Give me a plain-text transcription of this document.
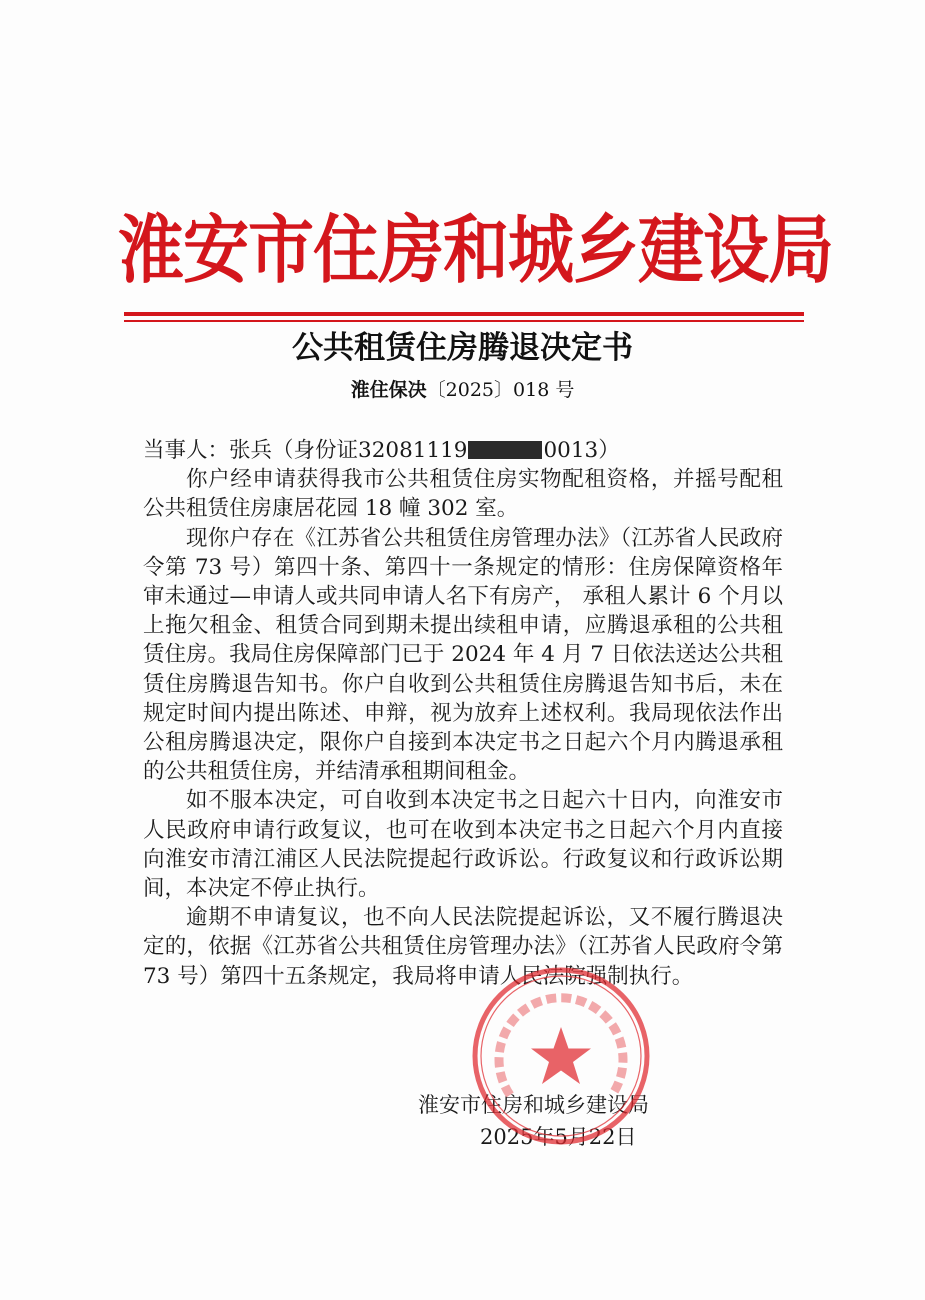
淮安市住房和城乡建设局
公共租赁住房腾退决定书
淮住保决〔2025〕018 号

当事人：张兵（身份证32081119	0013）

你户经申请获得我市公共租赁住房实物配租资格，并摇号配租公共租赁住房康居花园 18 幢 302 室。

现你户存在《江苏省公共租赁住房管理办法》（江苏省人民政府令第 73 号）第四十条、第四十一条规定的情形：住房保障资格年审未通过—申请人或共同申请人名下有房产， 承租人累计 6 个月以上拖欠租金、租赁合同到期未提出续租申请，应腾退承租的公共租赁住房。我局住房保障部门已于 2024 年 4 月 7 日依法送达公共租赁住房腾退告知书。你户自收到公共租赁住房腾退告知书后，未在规定时间内提出陈述、申辩，视为放弃上述权利。我局现依法作出公租房腾退决定，限你户自接到本决定书之日起六个月内腾退承租的公共租赁住房，并结清承租期间租金。

如不服本决定，可自收到本决定书之日起六十日内，向淮安市人民政府申请行政复议，也可在收到本决定书之日起六个月内直接向淮安市清江浦区人民法院提起行政诉讼。行政复议和行政诉讼期间，本决定不停止执行。

逾期不申请复议，也不向人民法院提起诉讼，又不履行腾退决定的，依据《江苏省公共租赁住房管理办法》（江苏省人民政府令第 73 号）第四十五条规定，我局将申请人民法院强制执行。

淮安市住房和城乡建设局
2025年5月22日
